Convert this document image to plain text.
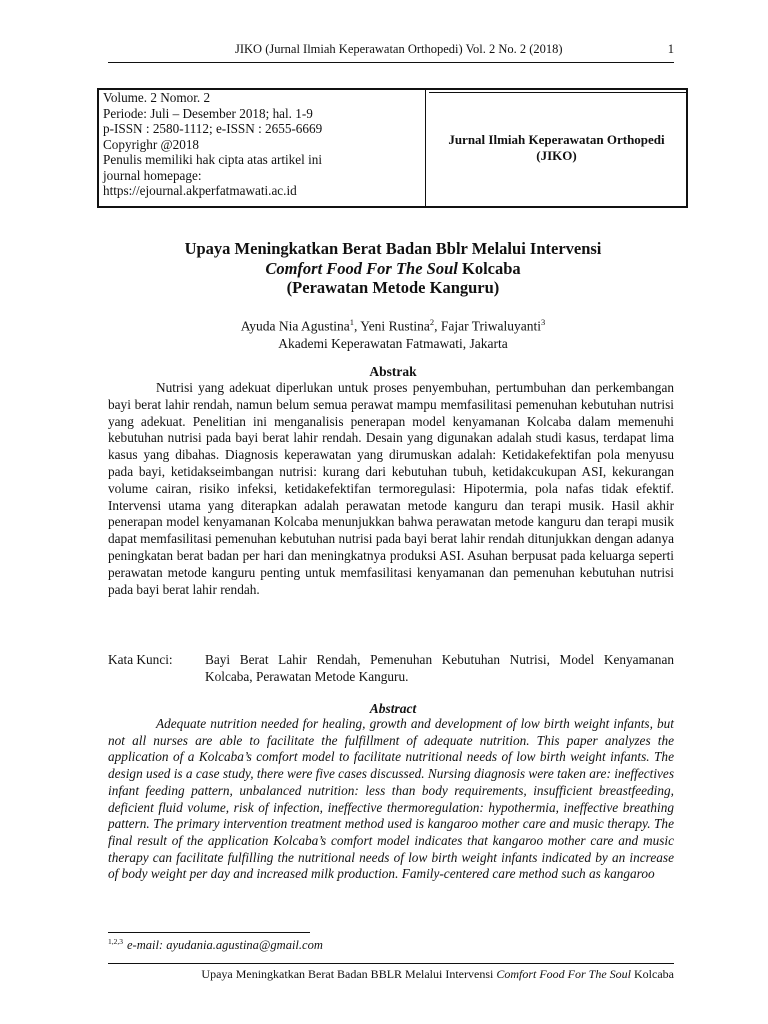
JIKO (Jurnal Ilmiah Keperawatan Orthopedi) Vol. 2 No. 2 (2018)	1
Volume. 2 Nomor. 2
Periode: Juli – Desember 2018; hal. 1-9
p-ISSN : 2580-1112; e-ISSN : 2655-6669
Copyrighr @2018
Penulis memiliki hak cipta atas artikel ini
journal homepage:
https://ejournal.akperfatmawati.ac.id
Jurnal Ilmiah Keperawatan Orthopedi
(JIKO)
Upaya Meningkatkan Berat Badan Bblr Melalui Intervensi
Comfort Food For The Soul Kolcaba
(Perawatan Metode Kanguru)
Ayuda Nia Agustina$^1$, Yeni Rustina$^2$, Fajar Triwaluyanti$^3$
Akademi Keperawatan Fatmawati, Jakarta
Abstrak
Nutrisi yang adekuat diperlukan untuk proses penyembuhan, pertumbuhan dan perkembangan bayi berat lahir rendah, namun belum semua perawat mampu memfasilitasi pemenuhan kebutuhan nutrisi yang adekuat. Penelitian ini menganalisis penerapan model kenyamanan Kolcaba dalam memenuhi kebutuhan nutrisi pada bayi berat lahir rendah. Desain yang digunakan adalah studi kasus, terdapat lima kasus yang dibahas. Diagnosis keperawatan yang dirumuskan adalah: Ketidakefektifan pola menyusu pada bayi, ketidakseimbangan nutrisi: kurang dari kebutuhan tubuh, ketidakcukupan ASI, kekurangan volume cairan, risiko infeksi, ketidakefektifan termoregulasi: Hipotermia, pola nafas tidak efektif. Intervensi utama yang diterapkan adalah perawatan metode kanguru dan terapi musik. Hasil akhir penerapan model kenyamanan Kolcaba menunjukkan bahwa perawatan metode kanguru dan terapi musik dapat memfasilitasi pemenuhan kebutuhan nutrisi pada bayi berat lahir rendah ditunjukkan dengan adanya peningkatan berat badan per hari dan meningkatnya produksi ASI. Asuhan berpusat pada keluarga seperti perawatan metode kanguru penting untuk memfasilitasi kenyamanan dan pemenuhan kebutuhan nutrisi pada bayi berat lahir rendah.
Kata Kunci:	Bayi Berat Lahir Rendah, Pemenuhan Kebutuhan Nutrisi, Model Kenyamanan Kolcaba, Perawatan Metode Kanguru.
Abstract
Adequate nutrition needed for healing, growth and development of low birth weight infants, but not all nurses are able to facilitate the fulfillment of adequate nutrition. This paper analyzes the application of a Kolcaba’s comfort model to facilitate nutritional needs of low birth weight infants. The design used is a case study, there were five cases discussed. Nursing diagnosis were taken are: ineffectives infant feeding pattern, unbalanced nutrition: less than body requirements, insufficient breastfeeding, deficient fluid volume, risk of infection, ineffective thermoregulation: hypothermia, ineffective breathing pattern. The primary intervention treatment method used is kangaroo mother care and music therapy. The final result of the application Kolcaba’s comfort model indicates that kangaroo mother care and music therapy can facilitate fulfilling the nutritional needs of low birth weight infants indicated by an increase of body weight per day and increased milk production. Family-centered care method such as kangaroo
$^{1,2,3}$ e-mail: ayudania.agustina@gmail.com
Upaya Meningkatkan Berat Badan BBLR Melalui Intervensi Comfort Food For The Soul Kolcaba
